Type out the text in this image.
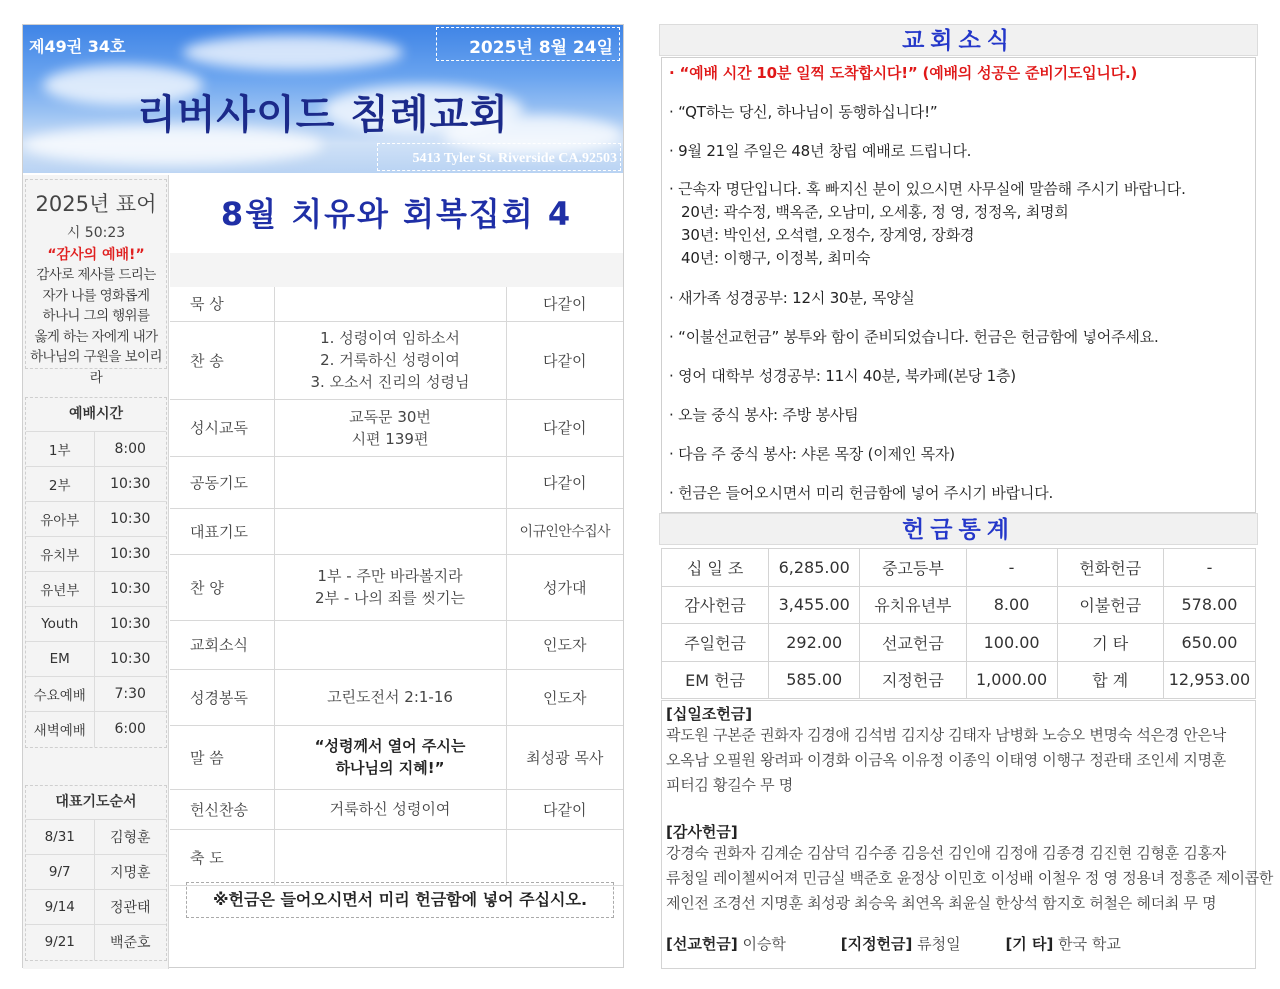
제49권 34호	2025년 8월 24일
리버사이드 침례교회
5413 Tyler St. Riverside CA.92503
2025년 표어
시 50:23
“감사의 예배!”
감사로 제사를 드리는
자가 나를 영화롭게
하나니 그의 행위를
옳게 하는 자에게 내가
하나님의 구원을 보이리라
예배시간
1부	8:00
2부	10:30
유아부	10:30
유치부	10:30
유년부	10:30
Youth	10:30
EM	10:30
수요예배	7:30
새벽예배	6:00
대표기도순서
8/31	김형훈
9/7	지명훈
9/14	정관태
9/21	백준호
8월 치유와 회복집회 4

묵 상		다같이
찬 송	1. 성령이여 임하소서
2. 거룩하신 성령이여
3. 오소서 진리의 성령님	다같이
성시교독	교독문 30번
시편 139편	다같이
공동기도		다같이
대표기도		이규인안수집사
찬 양	1부 - 주만 바라볼지라
2부 - 나의 죄를 씻기는	성가대
교회소식		인도자
성경봉독	고린도전서 2:1-16	인도자
말 씀	“성령께서 열어 주시는
하나님의 지혜!”	최성광 목사
헌신찬송	거룩하신 성령이여	다같이
축 도		
※헌금은 들어오시면서 미리 헌금함에 넣어 주십시오.
교회소식
· “예배 시간 10분 일찍 도착합시다!” (예배의 성공은 준비기도입니다.)
· “QT하는 당신, 하나님이 동행하십니다!”
· 9월 21일 주일은 48년 창립 예배로 드립니다.
· 근속자 명단입니다. 혹 빠지신 분이 있으시면 사무실에 말씀해 주시기 바랍니다.
20년: 곽수정, 백옥준, 오남미, 오세홍, 정 영, 정정옥, 최명희
30년: 박인선, 오석렬, 오정수, 장계영, 장화경
40년: 이행구, 이정복, 최미숙
· 새가족 성경공부: 12시 30분, 목양실
· “이불선교헌금” 봉투와 함이 준비되었습니다. 헌금은 헌금함에 넣어주세요.
· 영어 대학부 성경공부: 11시 40분, 북카페(본당 1층)
· 오늘 중식 봉사: 주방 봉사팀
· 다음 주 중식 봉사: 샤론 목장 (이제인 목자)
· 헌금은 들어오시면서 미리 헌금함에 넣어 주시기 바랍니다.
헌금통계
십 일 조	6,285.00	중고등부	-	헌화헌금	-
감사헌금	3,455.00	유치유년부	8.00	이불헌금	578.00
주일헌금	292.00	선교헌금	100.00	기 타	650.00
EM 헌금	585.00	지정헌금	1,000.00	합 계	12,953.00
[십일조헌금]
곽도원 구본준 권화자 김경애 김석범 김지상 김태자 남병화 노승오 변명숙 석은경 안은낙
오옥남 오필원 왕려파 이경화 이금옥 이유정 이종익 이태영 이행구 정관태 조인세 지명훈
피터김 황길수 무 명
[감사헌금]
강경숙 권화자 김계순 김삼덕 김수종 김응선 김인애 김정애 김종경 김진현 김형훈 김홍자
류청일 레이첼씨어져 민금실 백준호 윤정상 이민호 이성배 이철우 정 영 정용녀 정흥준 제이콥한
제인전 조경선 지명훈 최성광 최승욱 최연옥 최윤실 한상석 함지호 허철은 헤더최 무 명
[선교헌금] 이승학	[지정헌금] 류청일	[기 타] 한국 학교
